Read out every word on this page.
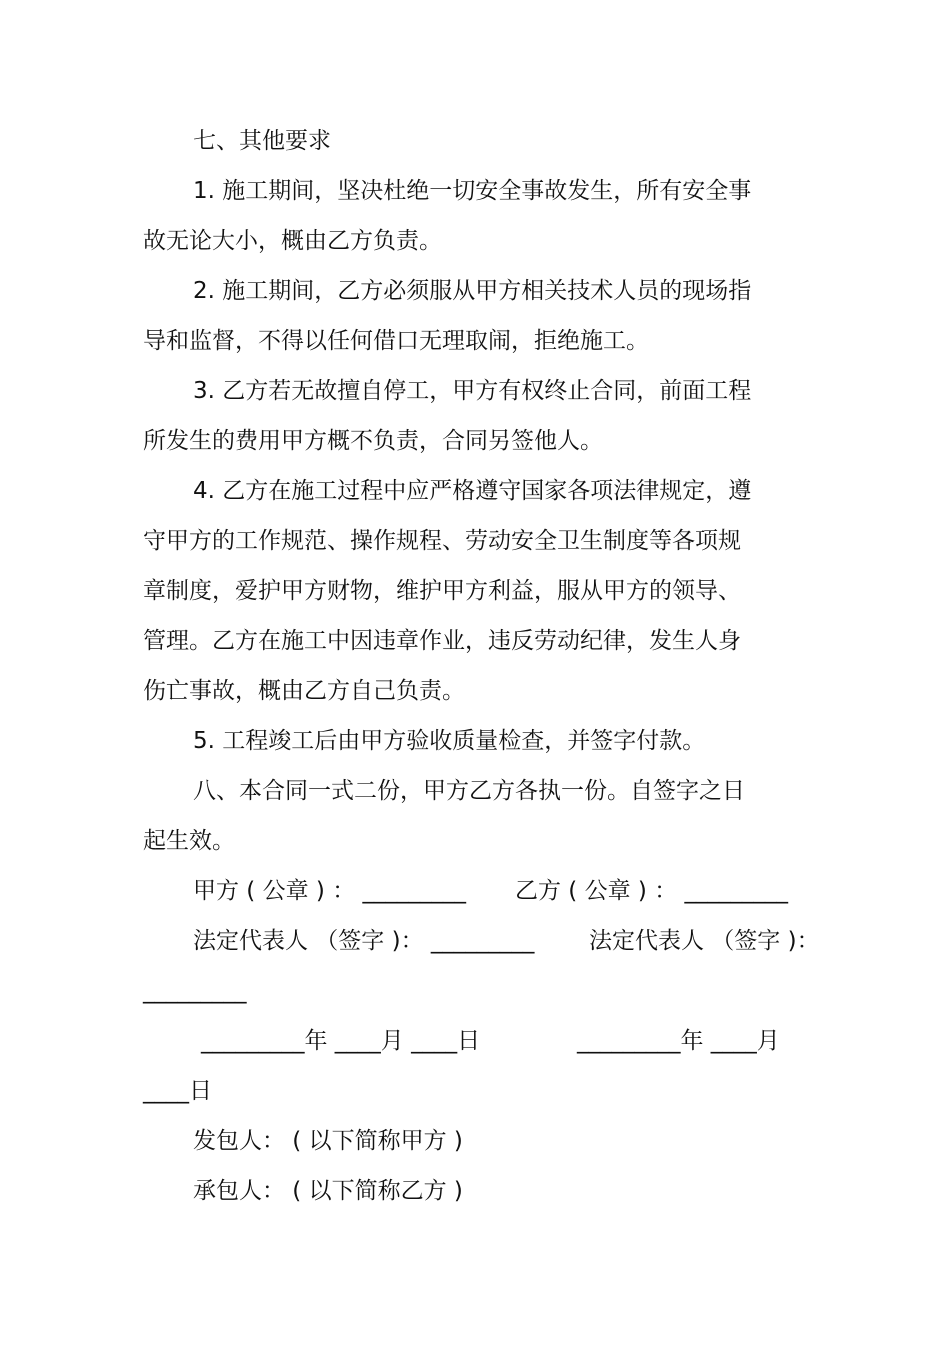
七、其他要求
1. 施工期间，坚决杜绝一切安全事故发生，所有安全事
故无论大小，概由乙方负责。
2. 施工期间，乙方必须服从甲方相关技术人员的现场指
导和监督，不得以任何借口无理取闹，拒绝施工。
3. 乙方若无故擅自停工，甲方有权终止合同，前面工程
所发生的费用甲方概不负责，合同另签他人。
4. 乙方在施工过程中应严格遵守国家各项法律规定，遵
守甲方的工作规范、操作规程、劳动安全卫生制度等各项规
章制度，爱护甲方财物，维护甲方利益，服从甲方的领导、
管理。乙方在施工中因违章作业，违反劳动纪律，发生人身
伤亡事故，概由乙方自己负责。
5. 工程竣工后由甲方验收质量检查，并签字付款。
八、本合同一式二份，甲方乙方各执一份。自签字之日
起生效。
甲方 ( 公章 ) ： _________ 乙方 ( 公章 ) ： _________
法定代表人 （签字 )： _________ 法定代表人 （签字 )：
_________
_________年 ____月 ____日	_________年 ____月
____日
发包人： ( 以下简称甲方 )
承包人： ( 以下简称乙方 )
